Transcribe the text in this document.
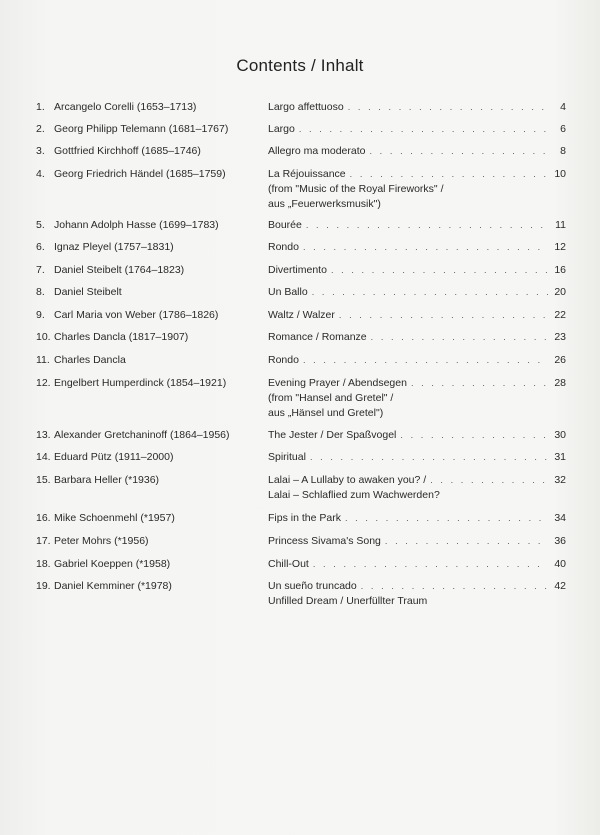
Contents / Inhalt
1. Arcangelo Corelli (1653–1713)	Largo affettuoso . . .	4
2. Georg Philipp Telemann (1681–1767)	Largo . . .	6
3. Gottfried Kirchhoff (1685–1746)	Allegro ma moderato . . .	8
4. Georg Friedrich Händel (1685–1759)	La Réjouissance . . .	10
(from "Music of the Royal Fireworks" /
aus „Feuerwerksmusik")
5. Johann Adolph Hasse (1699–1783)	Bourée . . .	11
6. Ignaz Pleyel (1757–1831)	Rondo . . .	12
7. Daniel Steibelt (1764–1823)	Divertimento . . .	16
8. Daniel Steibelt	Un Ballo . . .	20
9. Carl Maria von Weber (1786–1826)	Waltz / Walzer . . .	22
10. Charles Dancla (1817–1907)	Romance / Romanze . . .	23
11. Charles Dancla	Rondo . . .	26
12. Engelbert Humperdinck (1854–1921)	Evening Prayer / Abendsegen . . .	28
(from "Hansel and Gretel" /
aus „Hänsel und Gretel")
13. Alexander Gretchaninoff (1864–1956)	The Jester / Der Spaßvogel . . .	30
14. Eduard Pütz (1911–2000)	Spiritual . . .	31
15. Barbara Heller (*1936)	Lalai – A Lullaby to awaken you? / . . .	32
Lalai – Schlaflied zum Wachwerden?
16. Mike Schoenmehl (*1957)	Fips in the Park . . .	34
17. Peter Mohrs (*1956)	Princess Sivama's Song . . .	36
18. Gabriel Koeppen (*1958)	Chill-Out . . .	40
19. Daniel Kemminer (*1978)	Un sueño truncado . . .	42
Unfilled Dream / Unerfüllter Traum
